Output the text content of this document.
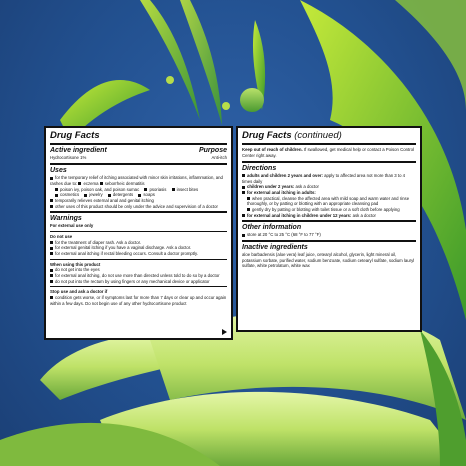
Drug Facts
Active ingredient	Purpose
Hydrocortisone 1%	Anti-itch
Uses

for the temporary relief of itching associated with minor skin irritations, inflammation, and rashes due to: eczema seborrheic dermatitis

poison ivy, poison oak, and poison sumac psoriasis insect bites

cosmetics jewelry detergents soaps

temporarily relieves external anal and genital itching

other uses of this product should be only under the advice and supervision of a doctor

Warnings

For external use only

Do not use

for the treatment of diaper rash. Ask a doctor.

for external genital itching if you have a vaginal discharge. Ask a doctor.

for external anal itching if rectal bleeding occurs. Consult a doctor promptly.

When using this product

do not get into the eyes

for external anal itching, do not use more than directed unless told to do so by a doctor

do not put into the rectum by using fingers or any mechanical device or applicator

Stop use and ask a doctor if

condition gets worse, or if symptoms last for more than 7 days or clear up and occur again within a few days. Do not begin use of any other hydrocortisone product

Drug Facts (continued)

Keep out of reach of children. If swallowed, get medical help or contact a Poison Control Center right away.

Directions

adults and children 2 years and over: apply to affected area not more than 3 to 4 times daily

children under 2 years: ask a doctor

for external anal itching in adults:

when practical, cleanse the affected area with mild soap and warm water and rinse thoroughly, or by patting or blotting with an appropriate cleansing pad

gently dry by patting or blotting with toilet tissue or a soft cloth before applying

for external anal itching in children under 12 years: ask a doctor

Other information

store at 20 °C to 25 °C (68 °F to 77 °F)

Inactive ingredients

aloe barbadensis (aloe vera) leaf juice, cetearyl alcohol, glycerin, light mineral oil, potassium sorbate, purified water, sodium benzoate, sodium cetearyl sulfate, sodium lauryl sulfate, white petrolatum, white wax
